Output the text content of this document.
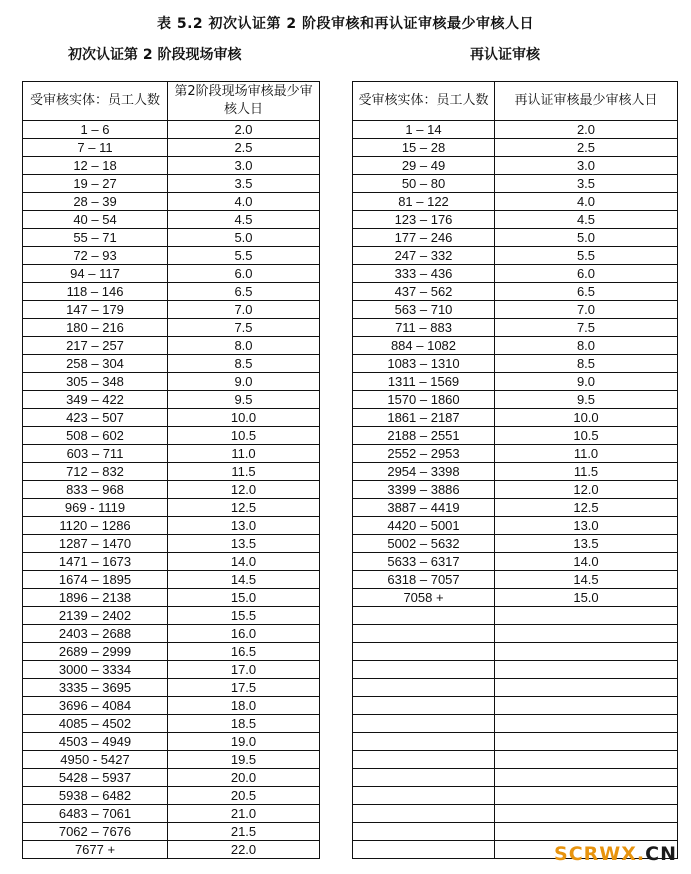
表 5.2 初次认证第 2 阶段审核和再认证审核最少审核人日
初次认证第 2 阶段现场审核	再认证审核
受审核实体：员工人数	第2阶段现场审核最少审核人日
1 – 6	2.0
7 – 11	2.5
12 – 18	3.0
19 – 27	3.5
28 – 39	4.0
40 – 54	4.5
55 – 71	5.0
72 – 93	5.5
94 – 117	6.0
118 – 146	6.5
147 – 179	7.0
180 – 216	7.5
217 – 257	8.0
258 – 304	8.5
305 – 348	9.0
349 – 422	9.5
423 – 507	10.0
508 – 602	10.5
603 – 711	11.0
712 – 832	11.5
833 – 968	12.0
969 - 1119	12.5
1120 – 1286	13.0
1287 – 1470	13.5
1471 – 1673	14.0
1674 – 1895	14.5
1896 – 2138	15.0
2139 – 2402	15.5
2403 – 2688	16.0
2689 – 2999	16.5
3000 – 3334	17.0
3335 – 3695	17.5
3696 – 4084	18.0
4085 – 4502	18.5
4503 – 4949	19.0
4950 - 5427	19.5
5428 – 5937	20.0
5938 – 6482	20.5
6483 – 7061	21.0
7062 – 7676	21.5
7677 +	22.0
受审核实体：员工人数	再认证审核最少审核人日
1 – 14	2.0
15 – 28	2.5
29 – 49	3.0
50 – 80	3.5
81 – 122	4.0
123 – 176	4.5
177 – 246	5.0
247 – 332	5.5
333 – 436	6.0
437 – 562	6.5
563 – 710	7.0
711 – 883	7.5
884 – 1082	8.0
1083 – 1310	8.5
1311 – 1569	9.0
1570 – 1860	9.5
1861 – 2187	10.0
2188 – 2551	10.5
2552 – 2953	11.0
2954 – 3398	11.5
3399 – 3886	12.0
3887 – 4419	12.5
4420 – 5001	13.0
5002 – 5632	13.5
5633 – 6317	14.0
6318 – 7057	14.5
7058 +	15.0

SCRWX.CN
